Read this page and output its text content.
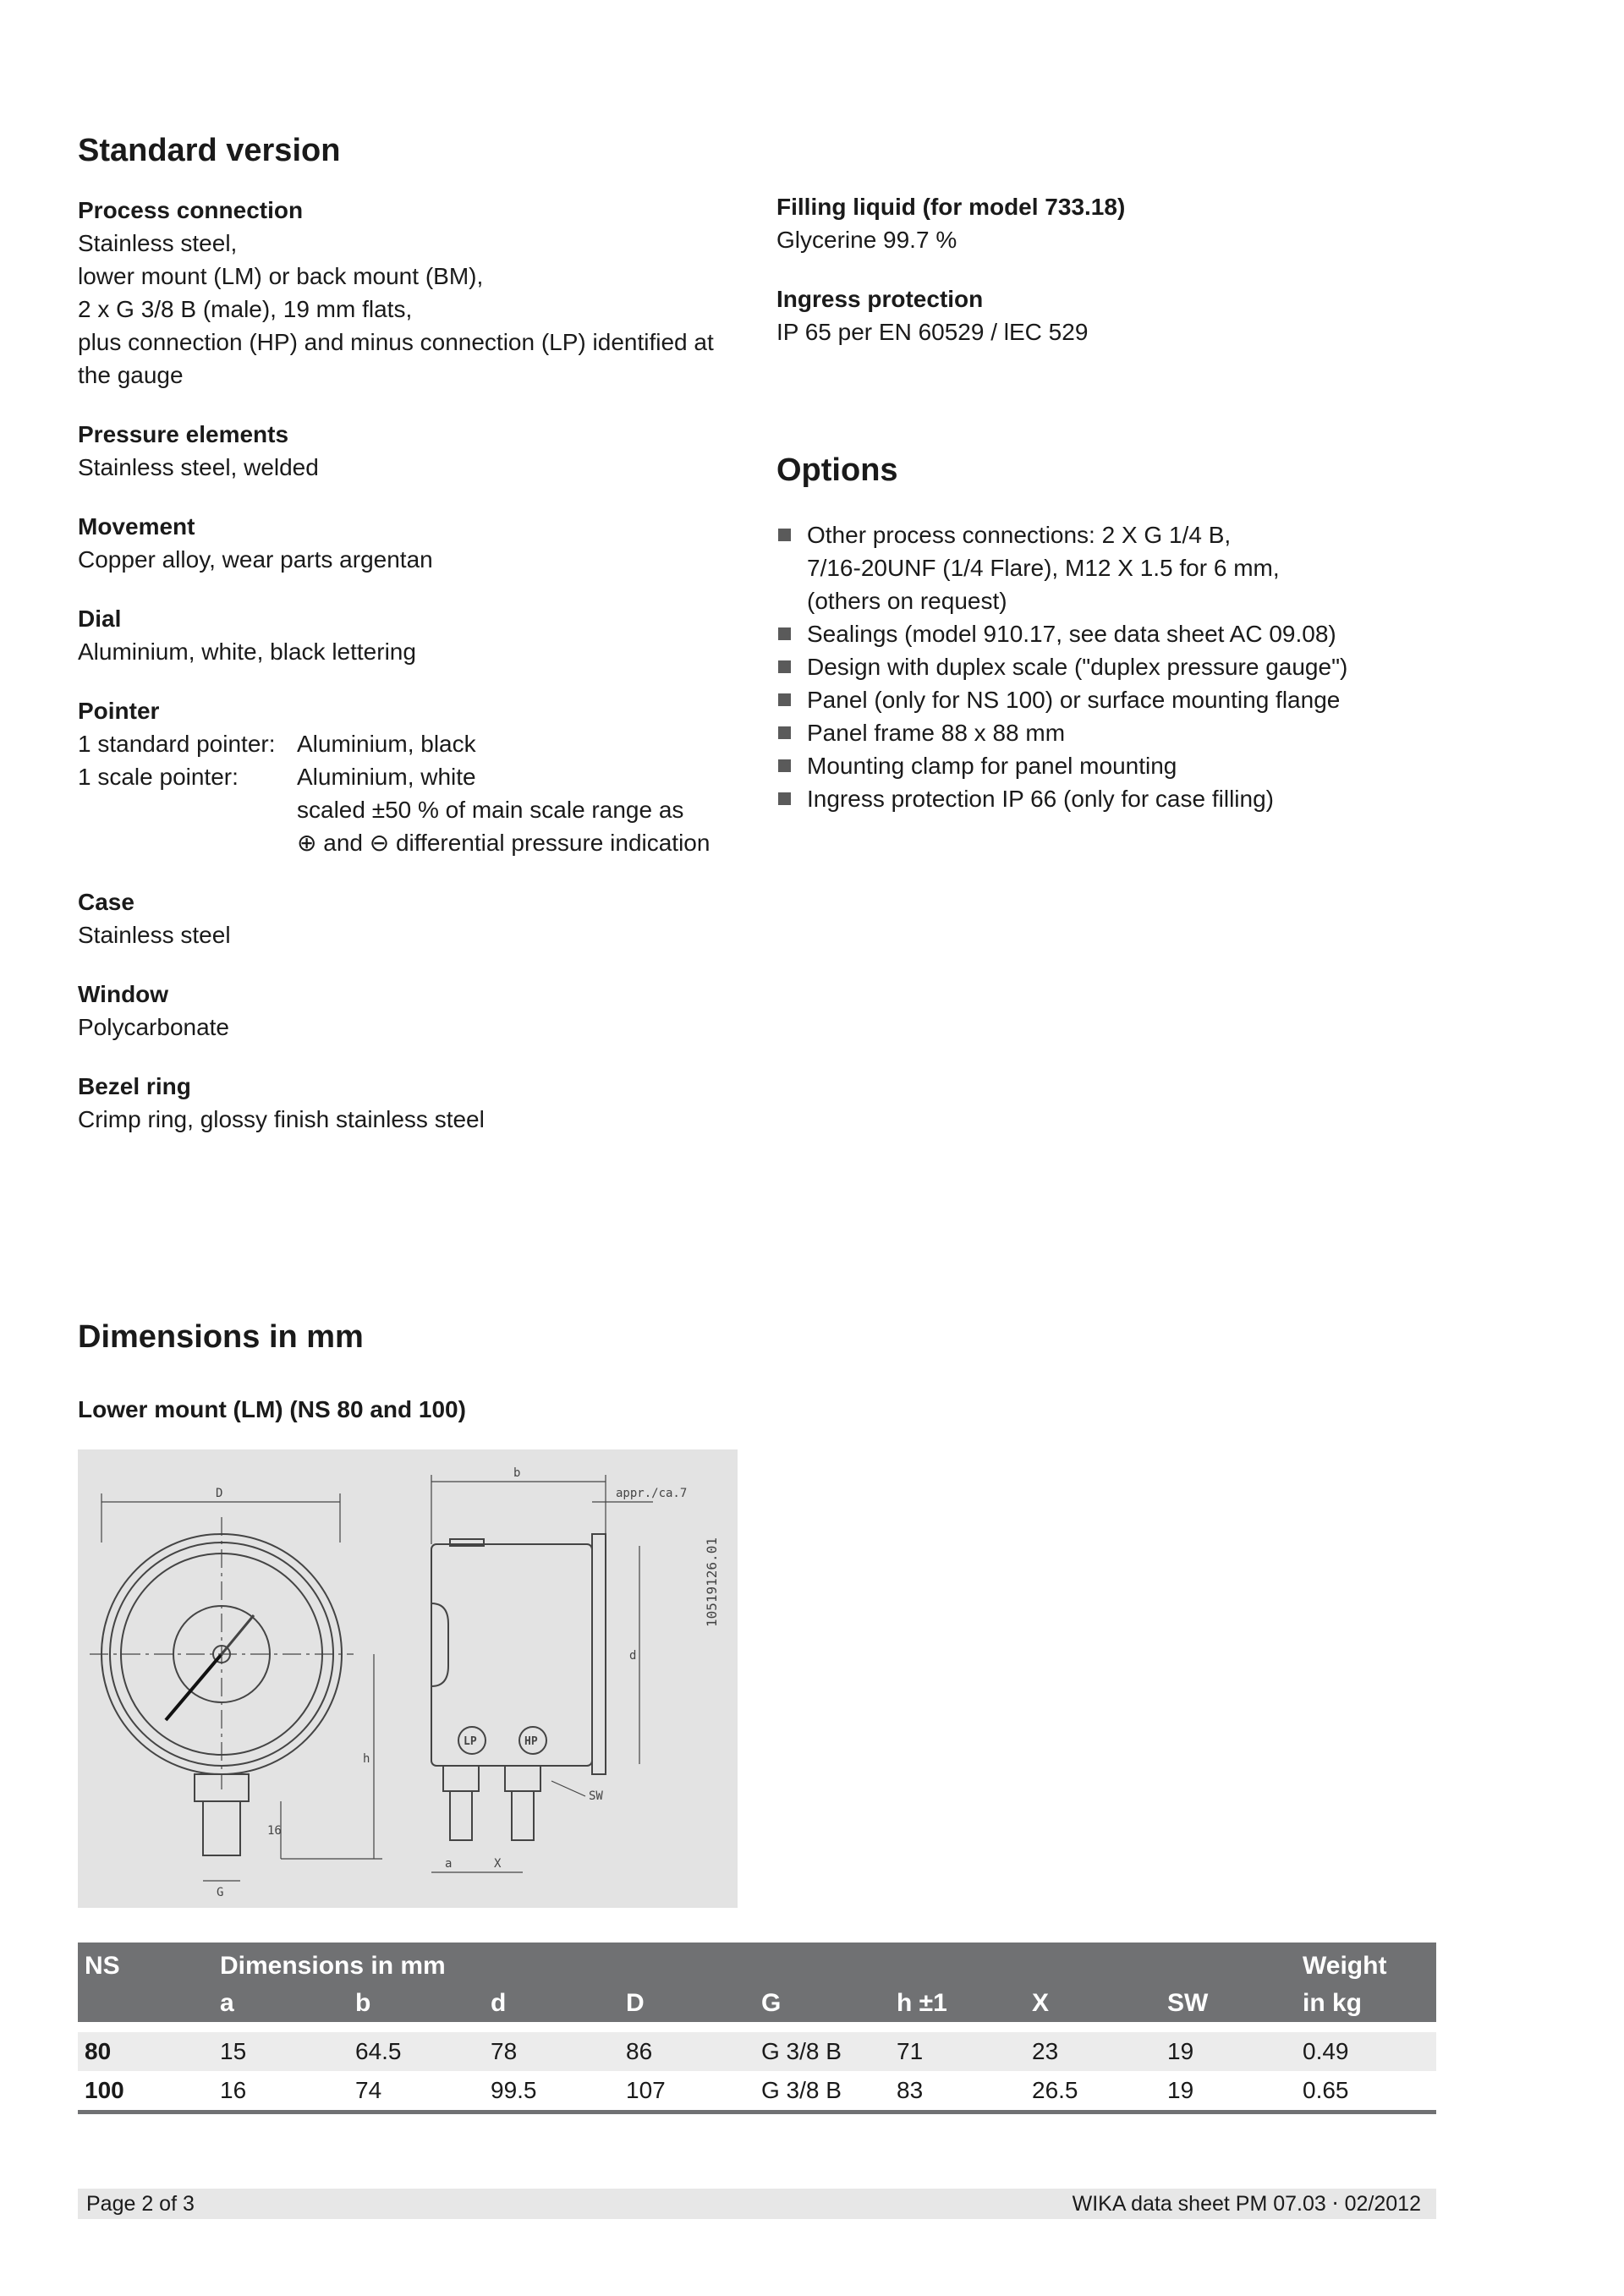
Standard version
Process connection

Stainless steel,

lower mount (LM) or back mount (BM),

2 x G 3/8 B (male), 19 mm flats,

plus connection (HP) and minus connection (LP) identified at

the gauge

Pressure elements

Stainless steel, welded

Movement

Copper alloy, wear parts argentan

Dial

Aluminium, white, black lettering

Pointer
1 standard pointer: Aluminium, black
1 scale pointer:	Aluminium, white
scaled ±50 % of main scale range as
⊕ and ⊖ differential pressure indication
Case

Stainless steel

Window

Polycarbonate

Bezel ring

Crimp ring, glossy finish stainless steel

Filling liquid (for model 733.18)

Glycerine 99.7 %

Ingress protection

IP 65 per EN 60529 / lEC 529

Options
Other process connections: 2 X G 1/4 B,
7/16-20UNF (1/4 Flare), M12 X 1.5 for 6 mm,
(others on request)
Sealings (model 910.17, see data sheet AC 09.08)
Design with duplex scale ("duplex pressure gauge")
Panel (only for NS 100) or surface mounting flange
Panel frame 88 x 88 mm
Mounting clamp for panel mounting
Ingress protection IP 66 (only for case filling)
Dimensions in mm
Lower mount (LM) (NS 80 and 100)
D
b
appr./ca.7
d
h
16
G
a	X
SW
LP	HP
10519126.01
NS	Dimensions in mm								Weight
	a	b	d	D	G	h ±1	X	SW	in kg
80	15	64.5	78	86	G 3/8 B	71	23	19	0.49
100	16	74	99.5	107	G 3/8 B	83	26.5	19	0.65
Page 2 of 3	WIKA data sheet PM 07.03 ⋅ 02/2012
